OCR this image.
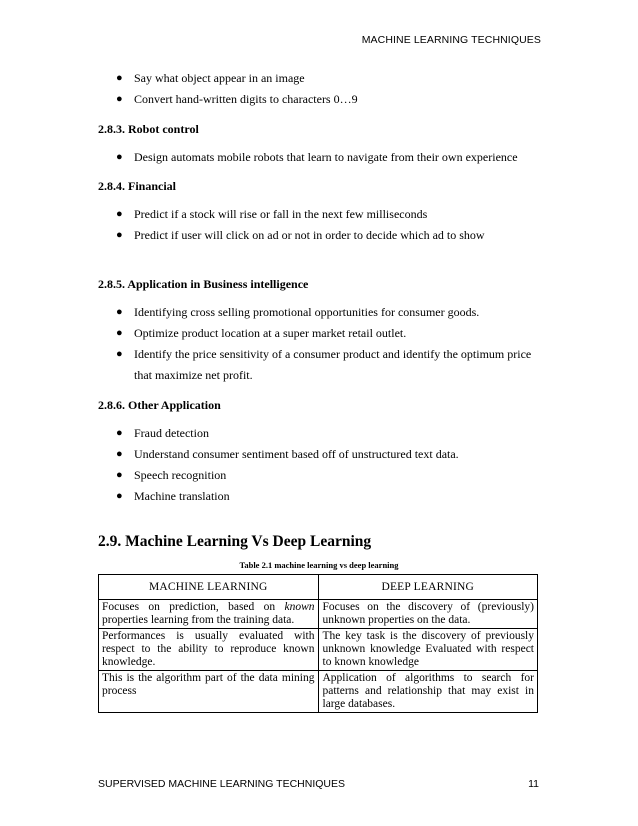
MACHINE LEARNING TECHNIQUES
● Say what object appear in an image
● Convert hand-written digits to characters 0…9
2.8.3. Robot control
● Design automats mobile robots that learn to navigate from their own experience
2.8.4. Financial
● Predict if a stock will rise or fall in the next few milliseconds
● Predict if user will click on ad or not in order to decide which ad to show
2.8.5. Application in Business intelligence
● Identifying cross selling promotional opportunities for consumer goods.
● Optimize product location at a super market retail outlet.
● Identify the price sensitivity of a consumer product and identify the optimum price that maximize net profit.
2.8.6. Other Application
● Fraud detection
● Understand consumer sentiment based off of unstructured text data.
● Speech recognition
● Machine translation
2.9. Machine Learning Vs Deep Learning
Table 2.1 machine learning vs deep learning
MACHINE LEARNING	DEEP LEARNING
Focuses on prediction, based on known properties learning from the training data.	Focuses on the discovery of (previously) unknown properties on the data.
Performances is usually evaluated with respect to the ability to reproduce known knowledge.	The key task is the discovery of previously unknown knowledge Evaluated with respect to known knowledge
This is the algorithm part of the data mining process	Application of algorithms to search for patterns and relationship that may exist in large databases.
SUPERVISED MACHINE LEARNING TECHNIQUES	11
